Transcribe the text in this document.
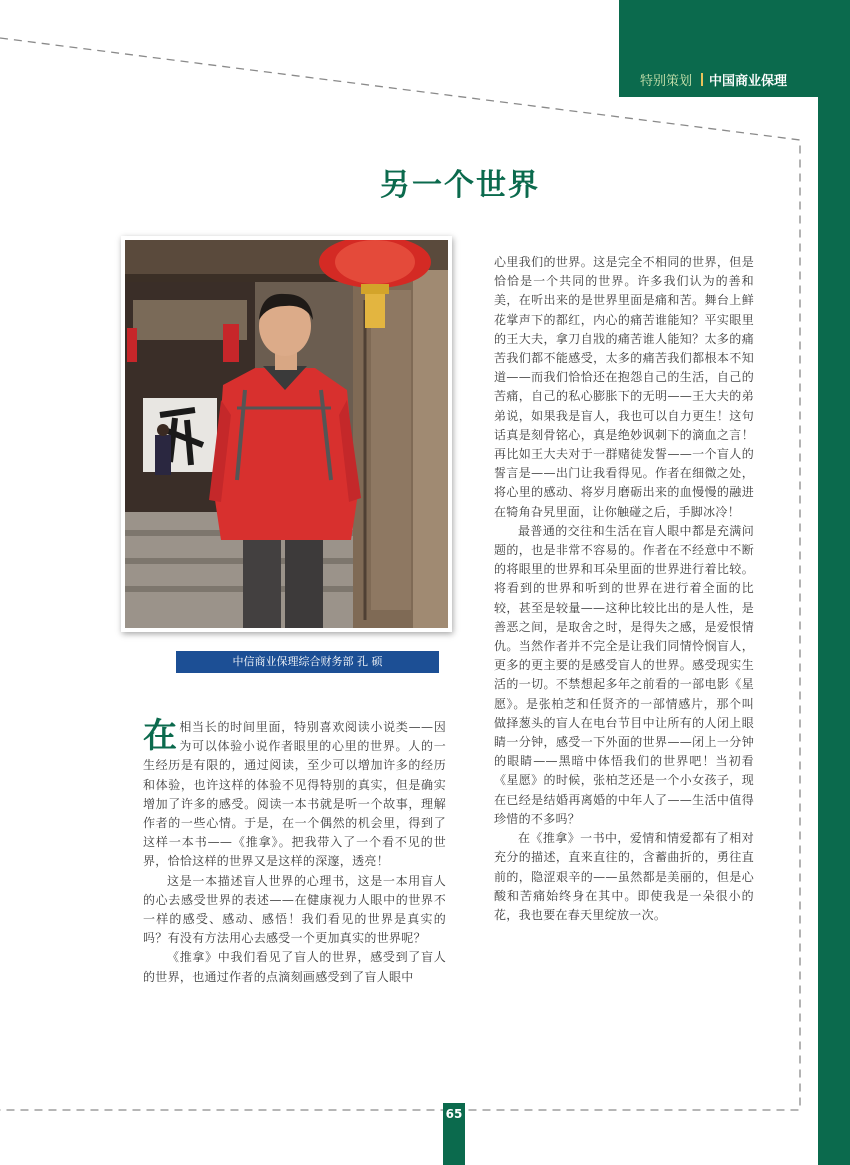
特别策划 中国商业保理
另一个世界
中信商业保理综合财务部 孔 硕

在相当长的时间里面，特别喜欢阅读小说类——因为可以体验小说作者眼里的心里的世界。人的一生经历是有限的，通过阅读，至少可以增加许多的经历和体验，也许这样的体验不见得特别的真实，但是确实增加了许多的感受。阅读一本书就是听一个故事，理解作者的一些心情。于是，在一个偶然的机会里，得到了这样一本书——《推拿》。把我带入了一个看不见的世界，恰恰这样的世界又是这样的深邃，透亮！

这是一本描述盲人世界的心理书，这是一本用盲人的心去感受世界的表述——在健康视力人眼中的世界不一样的感受、感动、感悟！我们看见的世界是真实的吗？有没有方法用心去感受一个更加真实的世界呢？

《推拿》中我们看见了盲人的世界，感受到了盲人的世界，也通过作者的点滴刻画感受到了盲人眼中

心里我们的世界。这是完全不相同的世界，但是恰恰是一个共同的世界。许多我们认为的善和美，在听出来的是世界里面是痛和苦。舞台上鲜花掌声下的都红，内心的痛苦谁能知？平实眼里的王大夫，拿刀自戕的痛苦谁人能知？太多的痛苦我们都不能感受，太多的痛苦我们都根本不知道——而我们恰恰还在抱怨自己的生活，自己的苦痛，自己的私心膨胀下的无明——王大夫的弟弟说，如果我是盲人，我也可以自力更生！这句话真是刻骨铭心，真是绝妙讽刺下的滴血之言！再比如王大夫对于一群赌徒发誓——一个盲人的誓言是——出门让我看得见。作者在细微之处，将心里的感动、将岁月磨砺出来的血慢慢的融进在犄角旮旯里面，让你触碰之后，手脚冰冷！

最普通的交往和生活在盲人眼中都是充满问题的，也是非常不容易的。作者在不经意中不断的将眼里的世界和耳朵里面的世界进行着比较。将看到的世界和听到的世界在进行着全面的比较，甚至是较量——这种比较比出的是人性，是善恶之间，是取舍之时，是得失之感，是爱恨情仇。当然作者并不完全是让我们同情怜悯盲人，更多的更主要的是感受盲人的世界。感受现实生活的一切。不禁想起多年之前看的一部电影《星愿》。是张柏芝和任贤齐的一部情感片，那个叫做择葱头的盲人在电台节目中让所有的人闭上眼睛一分钟，感受一下外面的世界——闭上一分钟的眼睛——黑暗中体悟我们的世界吧！当初看《星愿》的时候，张柏芝还是一个小女孩子，现在已经是结婚再离婚的中年人了——生活中值得珍惜的不多吗？

在《推拿》一书中，爱情和情爱都有了相对充分的描述，直来直往的，含蓄曲折的，勇往直前的，隐涩艰辛的——虽然都是美丽的，但是心酸和苦痛始终身在其中。即使我是一朵很小的花，我也要在春天里绽放一次。

65
